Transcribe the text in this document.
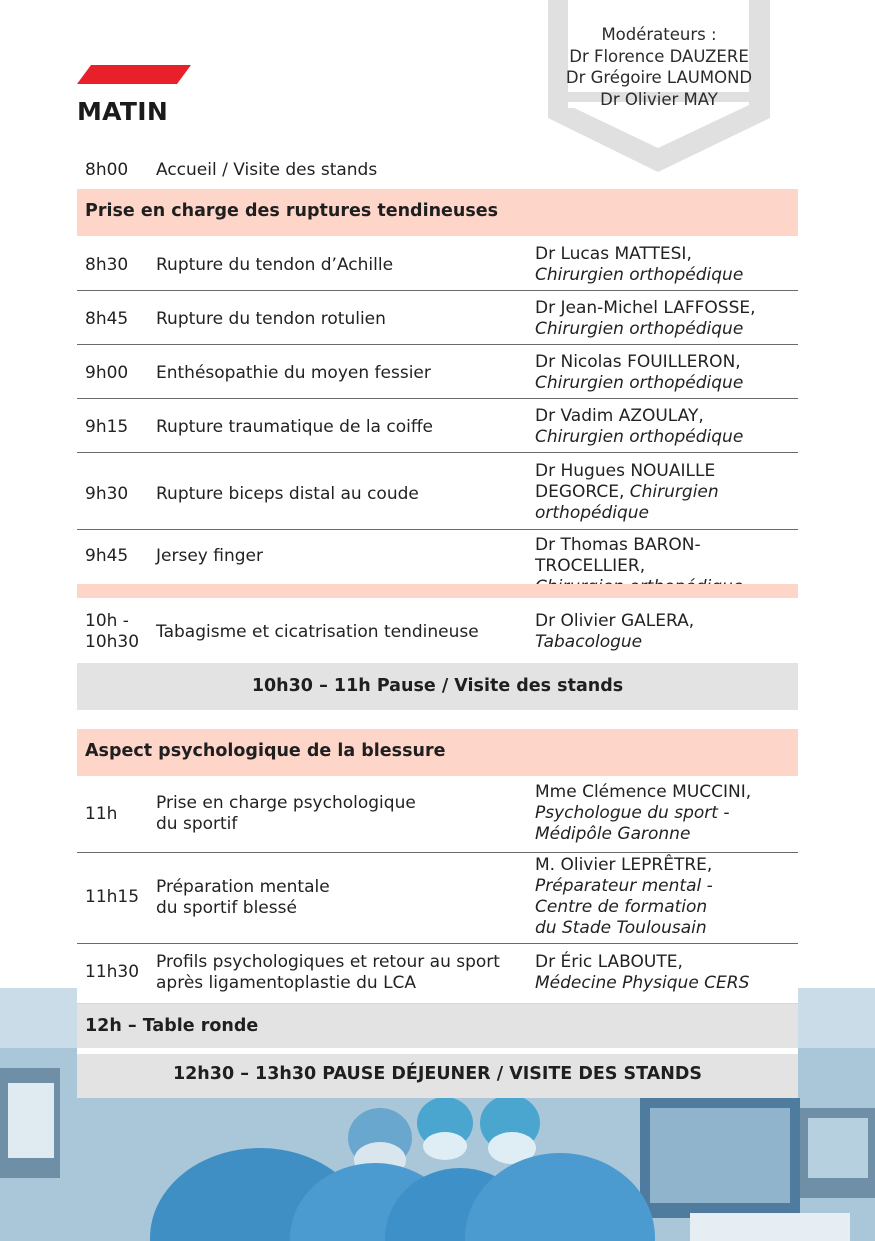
Modérateurs :
Dr Florence DAUZERE
Dr Grégoire LAUMOND
Dr Olivier MAY
MATIN
8h00 Accueil / Visite des stands
Prise en charge des ruptures tendineuses
8h30 Rupture du tendon d’Achille
Dr Lucas MATTESI,
Chirurgien orthopédique
8h45 Rupture du tendon rotulien
Dr Jean-Michel LAFFOSSE,
Chirurgien orthopédique
9h00 Enthésopathie du moyen fessier
Dr Nicolas FOUILLERON,
Chirurgien orthopédique
9h15 Rupture traumatique de la coiffe
Dr Vadim AZOULAY,
Chirurgien orthopédique
9h30 Rupture biceps distal au coude
Dr Hugues NOUAILLE
DEGORCE, Chirurgien
orthopédique
9h45 Jersey finger
Dr Thomas BARON-TROCELLIER,

10h -
10h30 Tabagisme et cicatrisation tendineuse
Dr Olivier GALERA,
Tabacologue
10h30 – 11h Pause / Visite des stands
Aspect psychologique de la blessure
11h
Prise en charge psychologique
du sportif
Mme Clémence MUCCINI,
Psychologue du sport -
Médipôle Garonne
11h15 Préparation mentale
du sportif blessé
M. Olivier LEPRÊTRE,
Préparateur mental -
Centre de formation
du Stade Toulousain
11h30 Profils psychologiques et retour au sport
après ligamentoplastie du LCA
Dr Éric LABOUTE,
Médecine Physique CERS
12h – Table ronde
12h30 – 13h30 PAUSE DÉJEUNER / VISITE DES STANDS
